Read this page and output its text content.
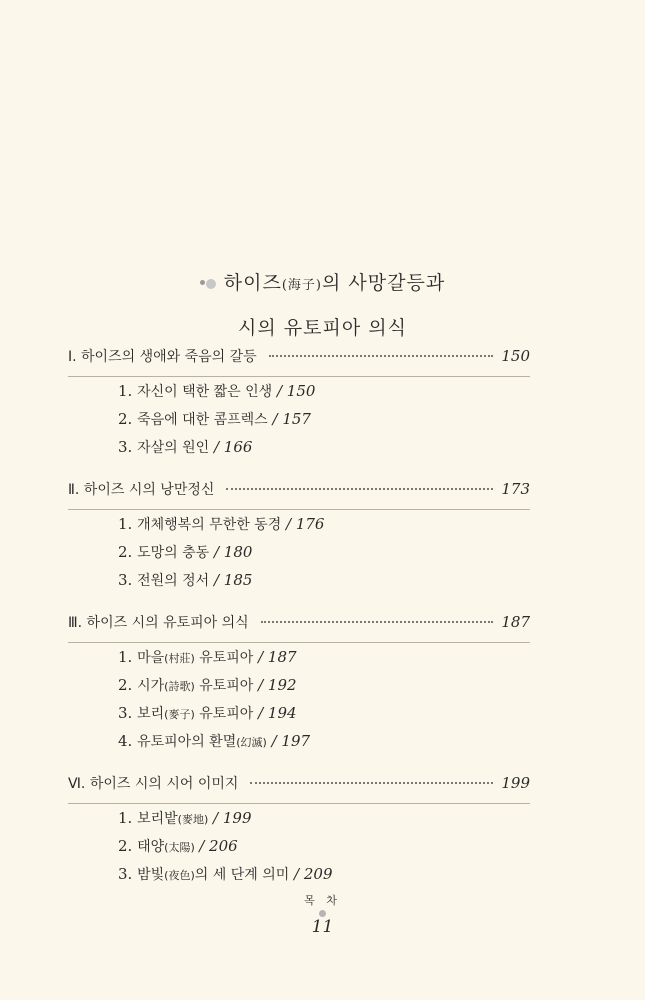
하이즈(海子)의 사망갈등과
시의 유토피아 의식
Ⅰ. 하이즈의 생애와 죽음의 갈등	150
1. 자신이 택한 짧은 인생 / 150
2. 죽음에 대한 콤프렉스 / 157
3. 자살의 원인 / 166
Ⅱ. 하이즈 시의 낭만정신	173
1. 개체행복의 무한한 동경 / 176
2. 도망의 충동 / 180
3. 전원의 정서 / 185
Ⅲ. 하이즈 시의 유토피아 의식	187
1. 마을(村莊) 유토피아 / 187
2. 시가(詩歌) 유토피아 / 192
3. 보리(麥子) 유토피아 / 194
4. 유토피아의 환멸(幻滅) / 197
Ⅵ. 하이즈 시의 시어 이미지	199
1. 보리밭(麥地) / 199
2. 태양(太陽) / 206
3. 밤빛(夜色)의 세 단계 의미 / 209
목 차
11
